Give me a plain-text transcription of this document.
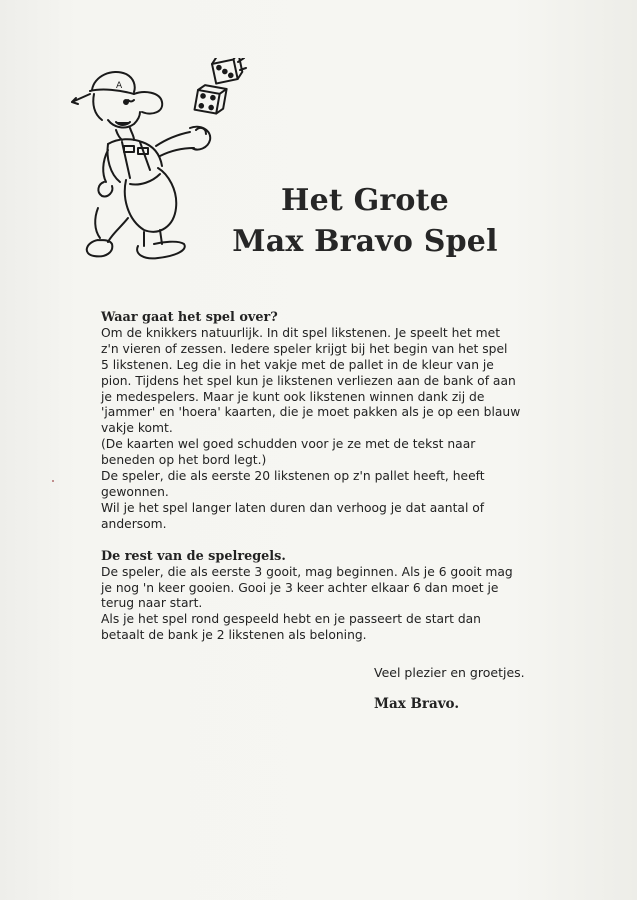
A
Het Grote
Max Bravo Spel
Waar gaat het spel over?
Om de knikkers natuurlijk. In dit spel likstenen. Je speelt het met
z'n vieren of zessen. Iedere speler krijgt bij het begin van het spel
5 likstenen. Leg die in het vakje met de pallet in de kleur van je
pion. Tijdens het spel kun je likstenen verliezen aan de bank of aan
je medespelers. Maar je kunt ook likstenen winnen dank zij de
'jammer' en 'hoera' kaarten, die je moet pakken als je op een blauw
vakje komt.
(De kaarten wel goed schudden voor je ze met de tekst naar
beneden op het bord legt.)
De speler, die als eerste 20 likstenen op z'n pallet heeft, heeft
gewonnen.
Wil je het spel langer laten duren dan verhoog je dat aantal of
andersom.
De rest van de spelregels.
De speler, die als eerste 3 gooit, mag beginnen. Als je 6 gooit mag
je nog 'n keer gooien. Gooi je 3 keer achter elkaar 6 dan moet je
terug naar start.
Als je het spel rond gespeeld hebt en je passeert de start dan
betaalt de bank je 2 likstenen als beloning.
Veel plezier en groetjes.
Max Bravo.
